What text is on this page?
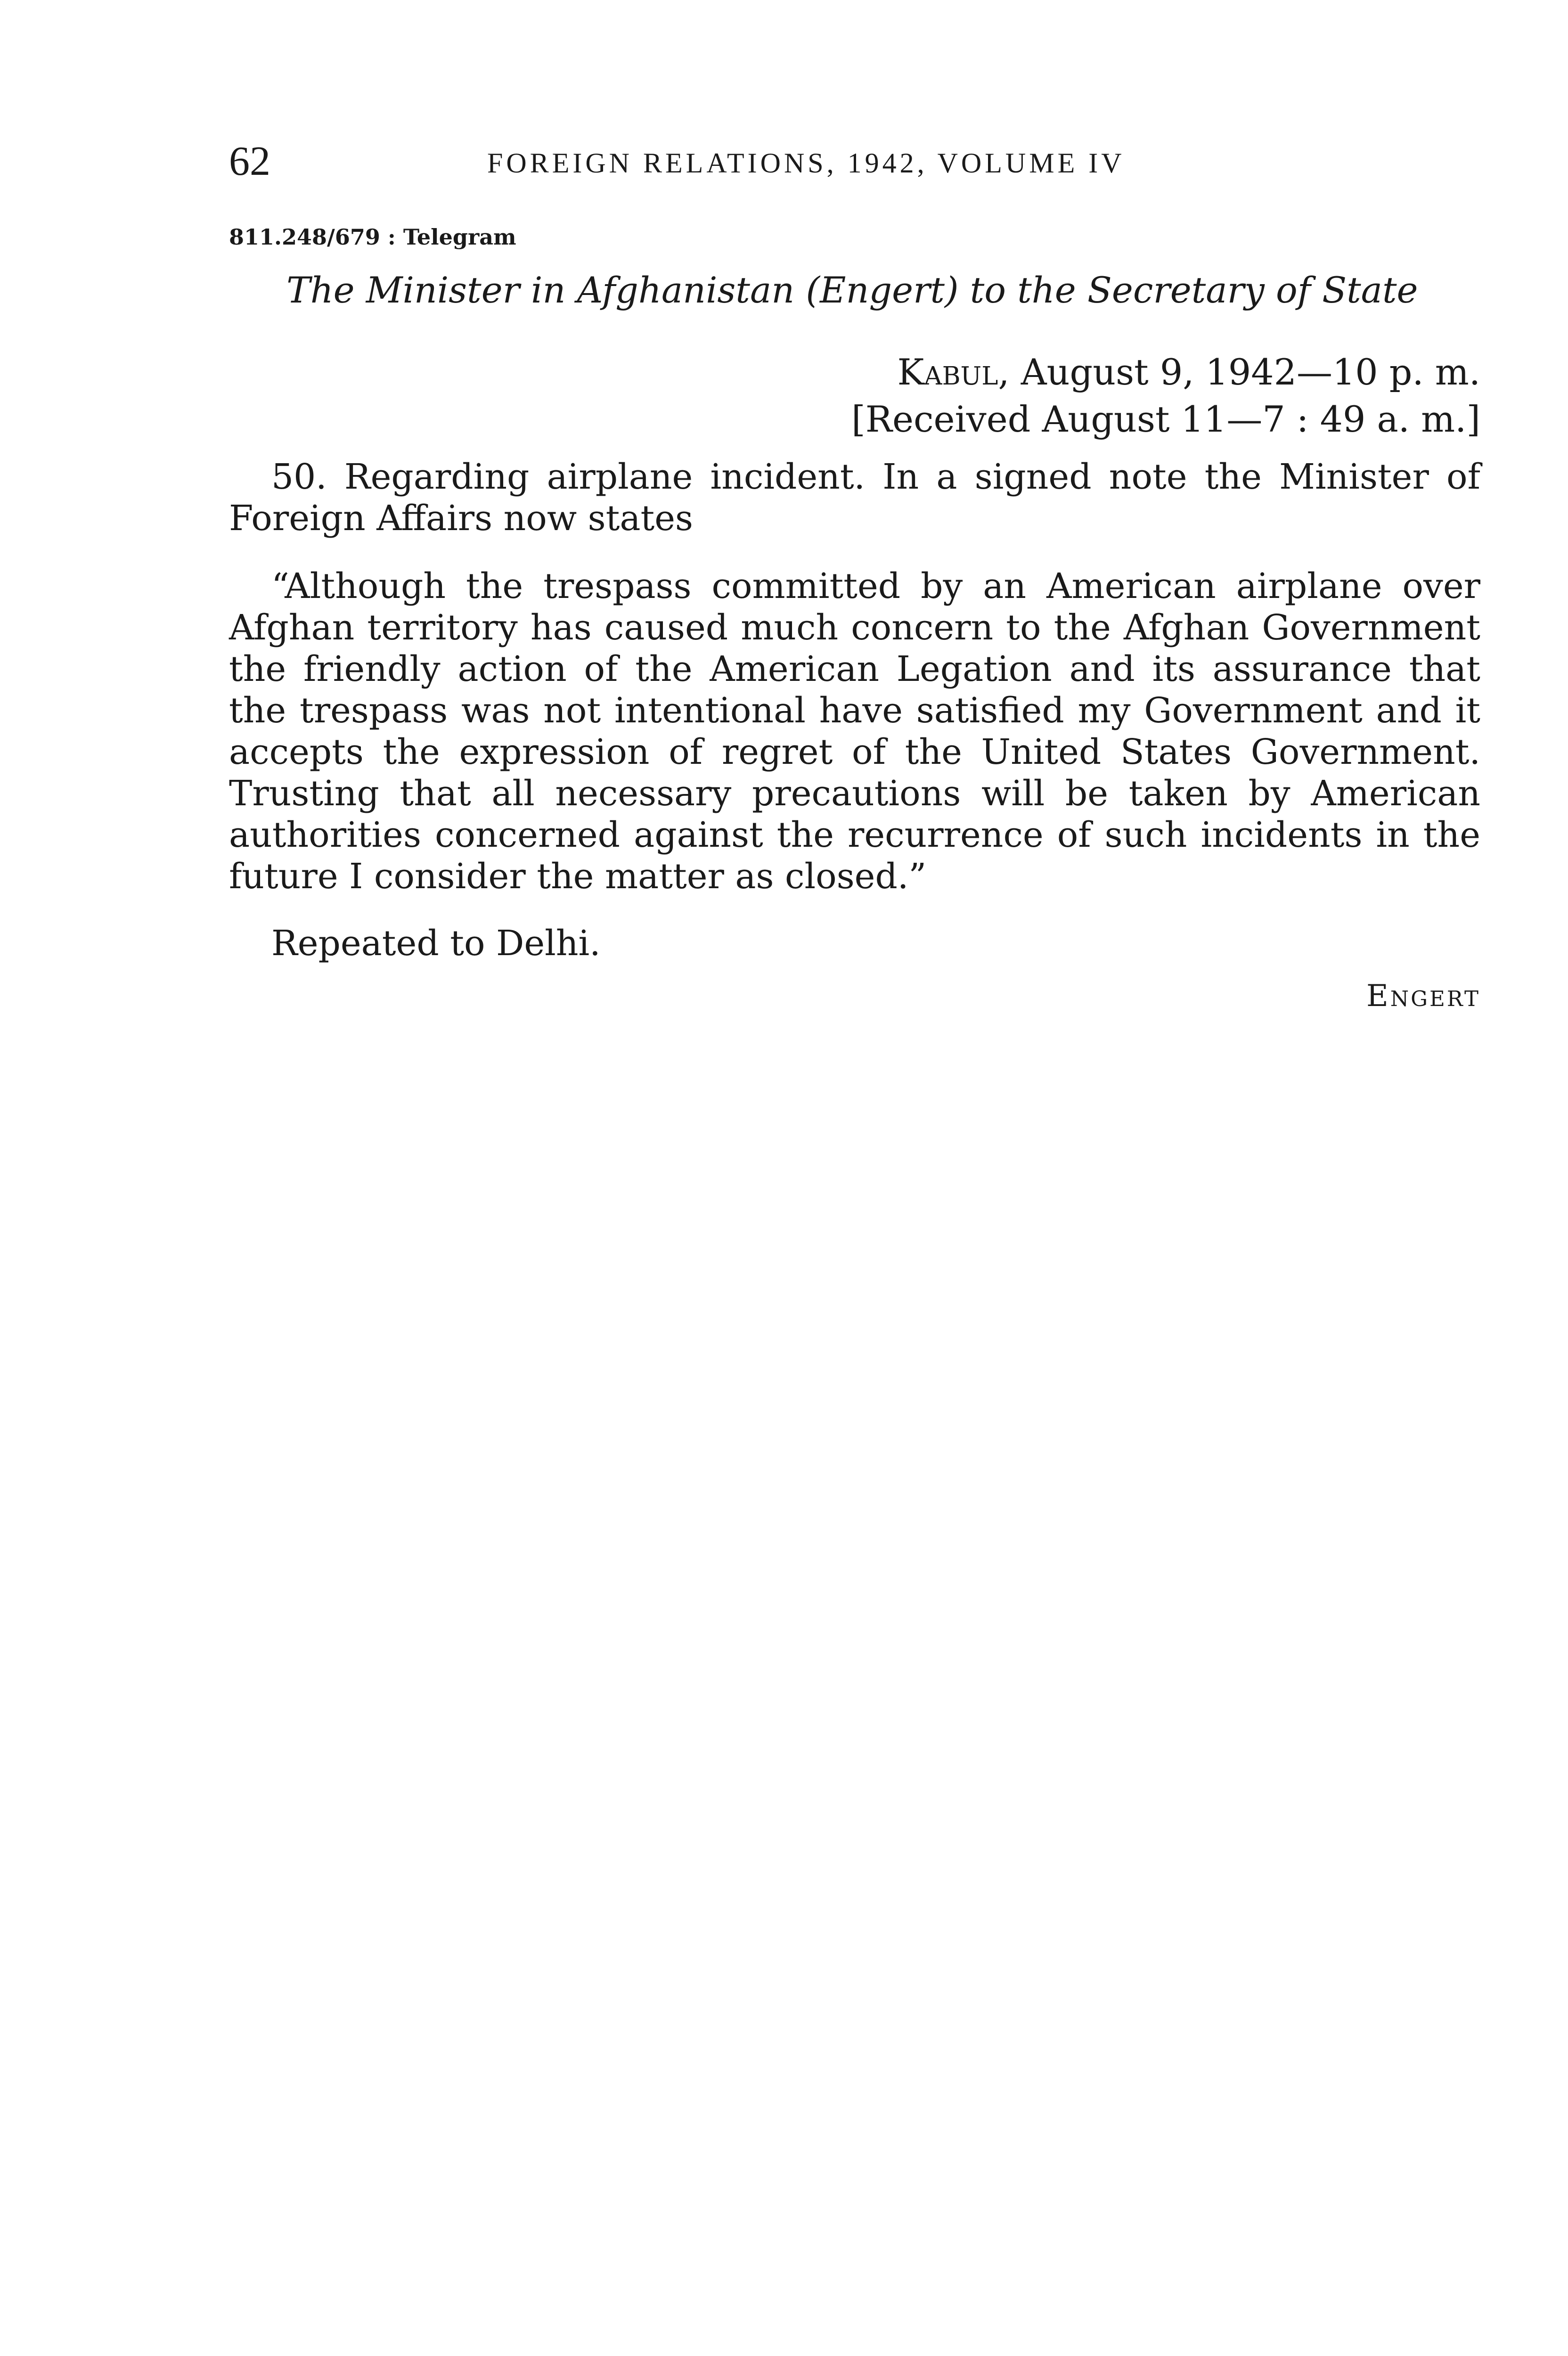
62	FOREIGN RELATIONS, 1942, VOLUME IV
811.248/679 : Telegram
The Minister in Afghanistan (Engert) to the Secretary of State
Kabul, August 9, 1942—10 p. m.
[Received August 11—7 : 49 a. m.]

50. Regarding airplane incident. In a signed note the Minister of Foreign Affairs now states

“Although the trespass committed by an American airplane over Afghan territory has caused much concern to the Afghan Government the friendly action of the American Legation and its assurance that the trespass was not intentional have satisfied my Government and it accepts the expression of regret of the United States Government. Trusting that all necessary precautions will be taken by American authorities concerned against the recurrence of such incidents in the future I consider the matter as closed.”

Repeated to Delhi.

Engert
